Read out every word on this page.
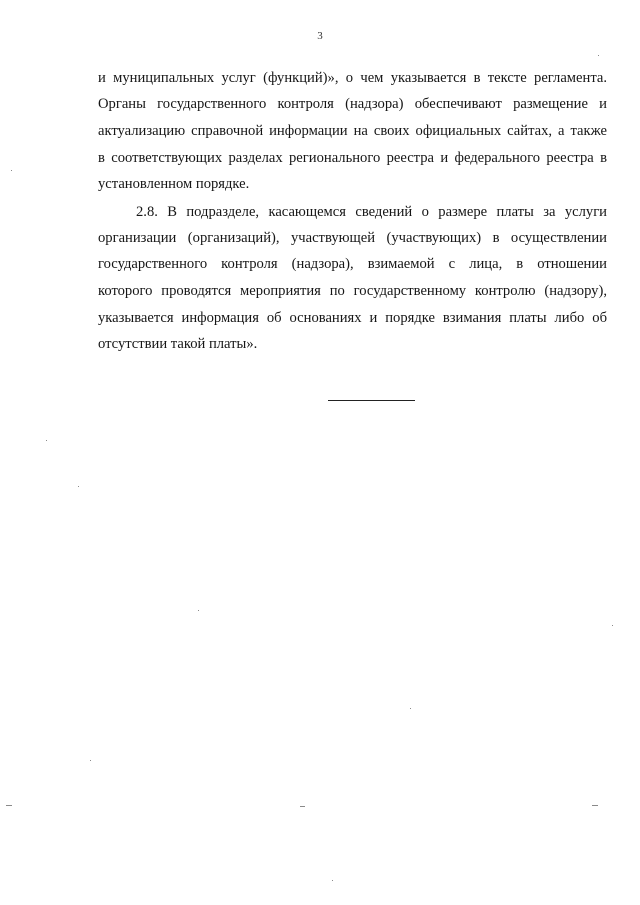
3
и муниципальных услуг (функций)», о чем указывается в тексте регламента.
Органы государственного контроля (надзора) обеспечивают размещение и
актуализацию справочной информации на своих официальных сайтах, а также
в соответствующих разделах регионального реестра и федерального реестра в
установленном порядке.
2.8. В подразделе, касающемся сведений о размере платы за услуги
организации (организаций), участвующей (участвующих) в осуществлении
государственного контроля (надзора), взимаемой с лица, в отношении
которого проводятся мероприятия по государственному контролю (надзору),
указывается информация об основаниях и порядке взимания платы либо об
отсутствии такой платы».
